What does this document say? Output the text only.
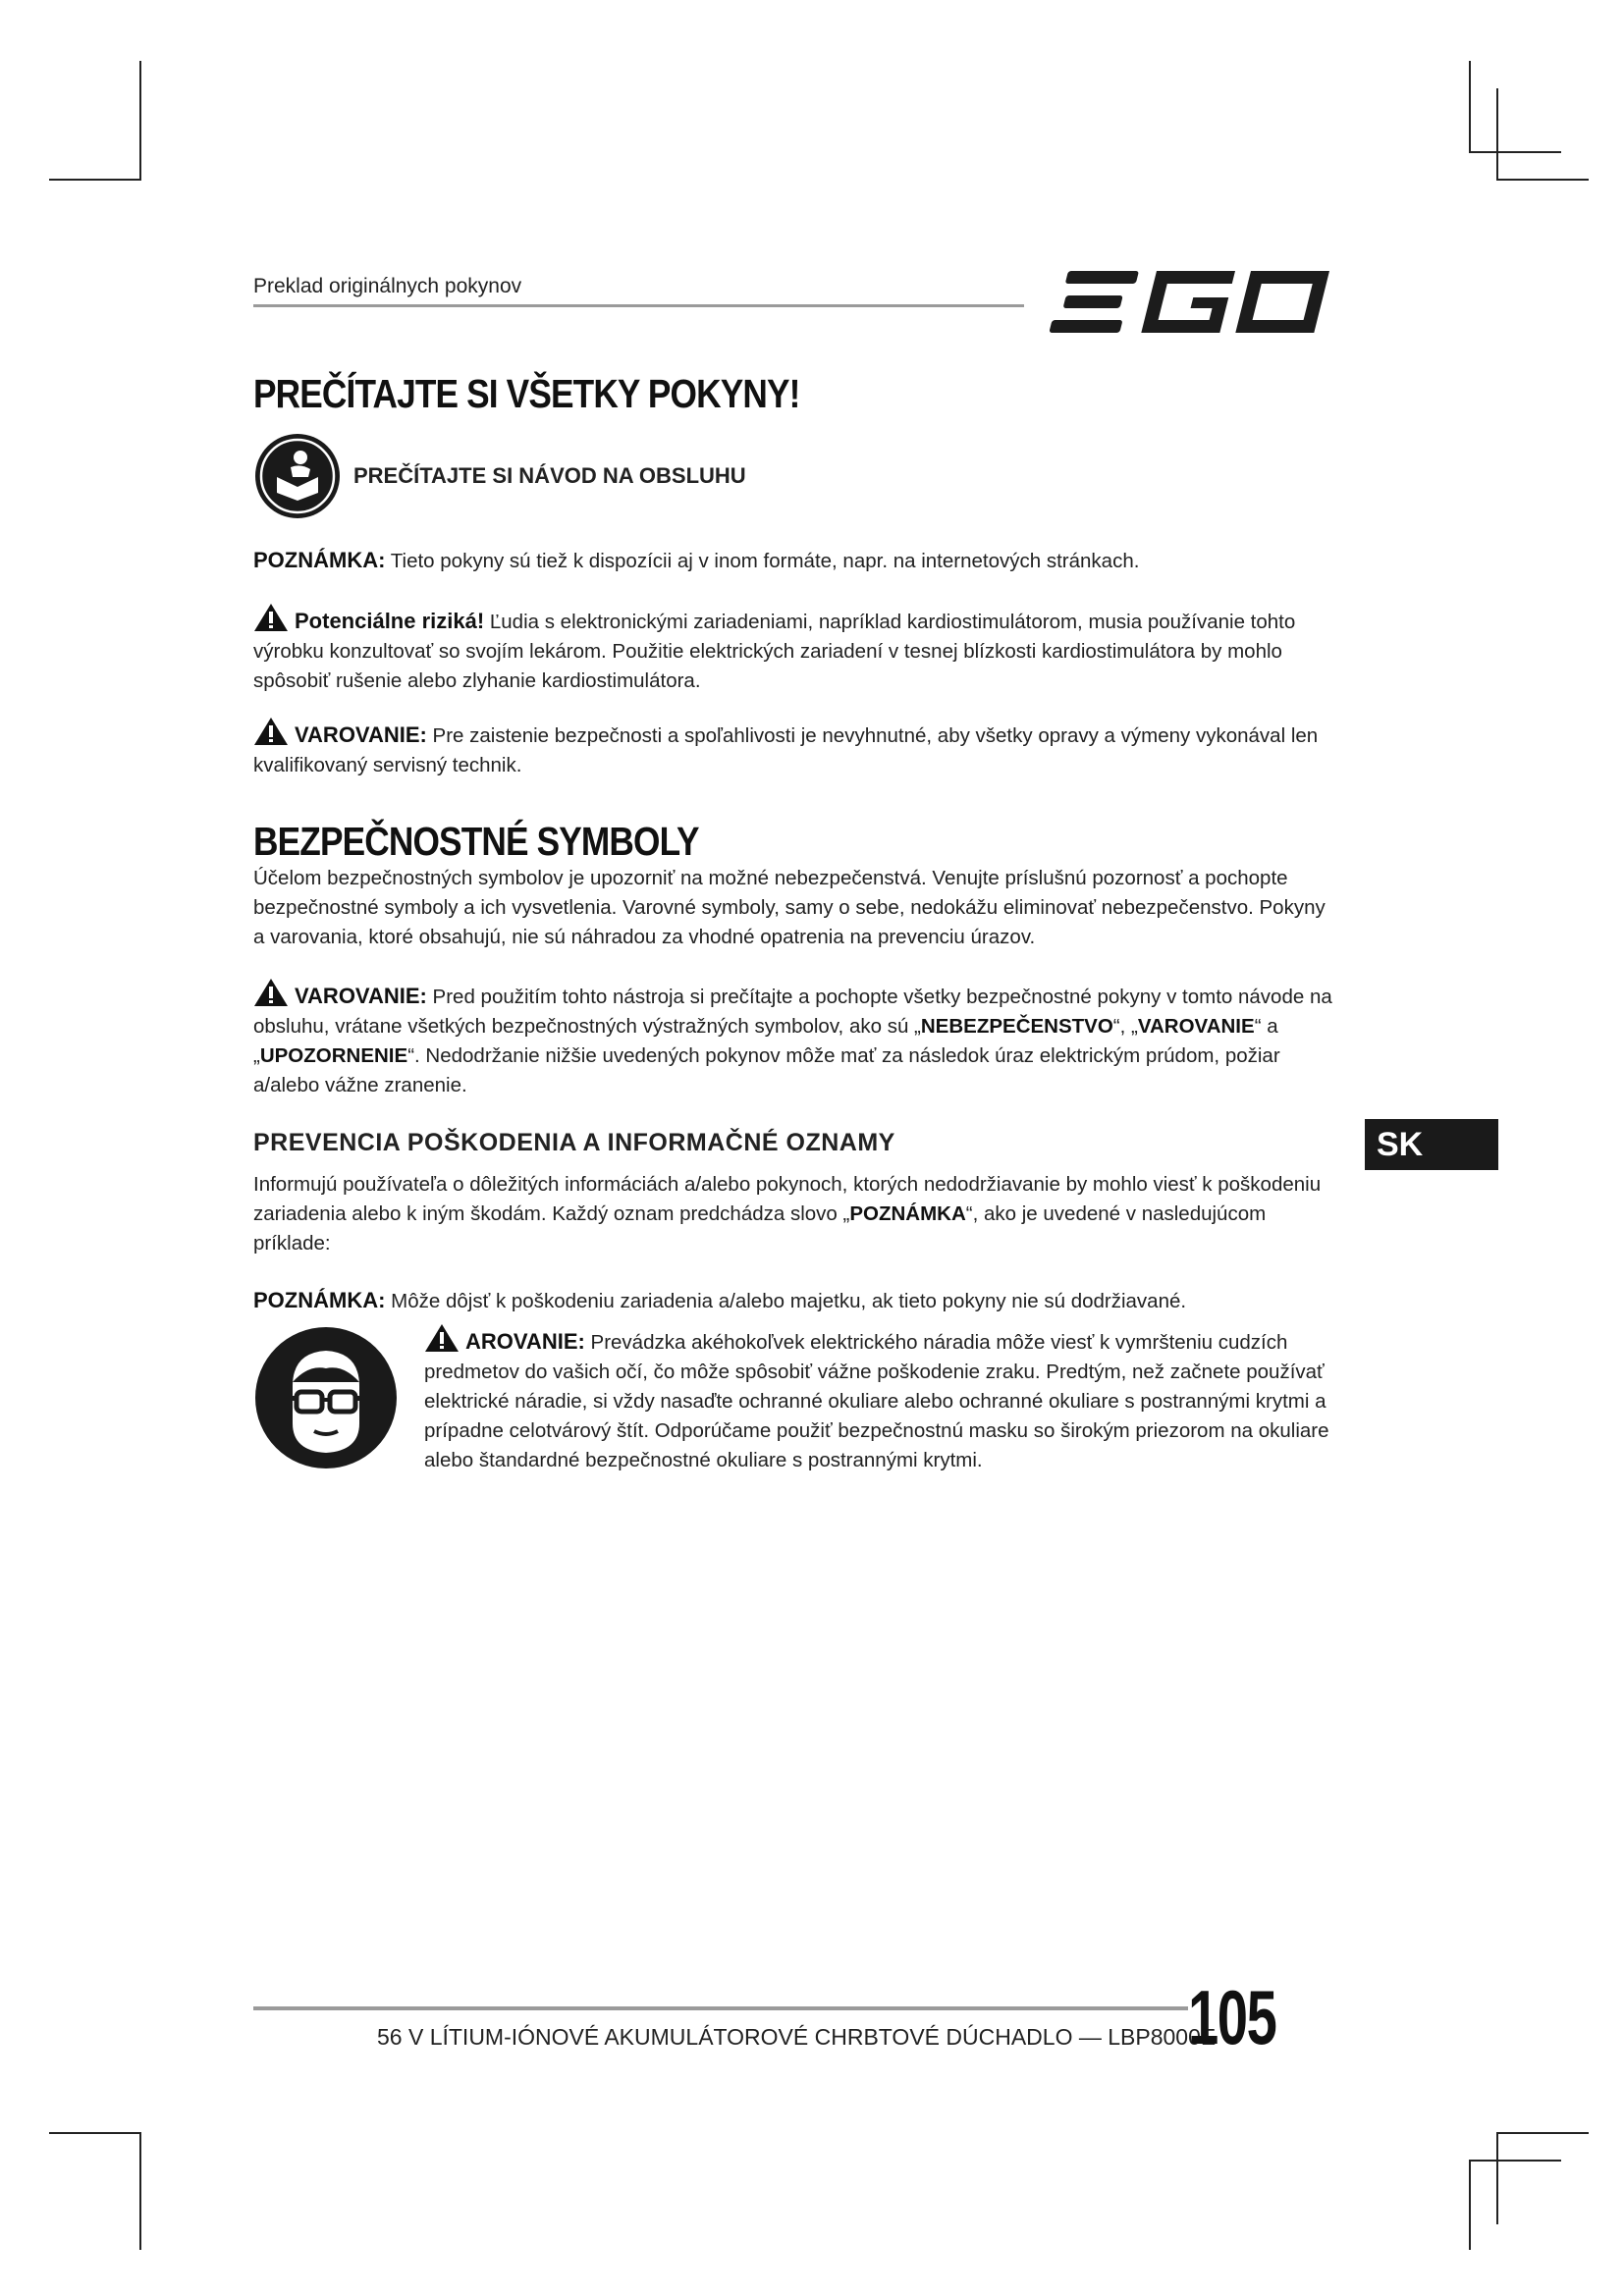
Preklad originálnych pokynov
PREČÍTAJTE SI VŠETKY POKYNY!
PREČÍTAJTE SI NÁVOD NA OBSLUHU
POZNÁMKA: Tieto pokyny sú tiež k dispozícii aj v inom formáte, napr. na internetových stránkach.
Potenciálne riziká! Ľudia s elektronickými zariadeniami, napríklad kardiostimulátorom, musia používanie tohto výrobku konzultovať so svojím lekárom. Použitie elektrických zariadení v tesnej blízkosti kardiostimulátora by mohlo spôsobiť rušenie alebo zlyhanie kardiostimulátora.
VAROVANIE: Pre zaistenie bezpečnosti a spoľahlivosti je nevyhnutné, aby všetky opravy a výmeny vykonával len kvalifikovaný servisný technik.
BEZPEČNOSTNÉ SYMBOLY
Účelom bezpečnostných symbolov je upozorniť na možné nebezpečenstvá. Venujte príslušnú pozornosť a pochopte bezpečnostné symboly a ich vysvetlenia. Varovné symboly, samy o sebe, nedokážu eliminovať nebezpečenstvo. Pokyny a varovania, ktoré obsahujú, nie sú náhradou za vhodné opatrenia na prevenciu úrazov.
VAROVANIE: Pred použitím tohto nástroja si prečítajte a pochopte všetky bezpečnostné pokyny v tomto návode na obsluhu, vrátane všetkých bezpečnostných výstražných symbolov, ako sú „NEBEZPEČENSTVO“, „VAROVANIE“ a „UPOZORNENIE“. Nedodržanie nižšie uvedených pokynov môže mať za následok úraz elektrickým prúdom, požiar a/alebo vážne zranenie.
PREVENCIA POŠKODENIA A INFORMAČNÉ OZNAMY	SK
Informujú používateľa o dôležitých informáciách a/alebo pokynoch, ktorých nedodržiavanie by mohlo viesť k poškodeniu zariadenia alebo k iným škodám. Každý oznam predchádza slovo „POZNÁMKA“, ako je uvedené v nasledujúcom príklade:
POZNÁMKA: Môže dôjsť k poškodeniu zariadenia a/alebo majetku, ak tieto pokyny nie sú dodržiavané.
AROVANIE: Prevádzka akéhokoľvek elektrického náradia môže viesť k vymršteniu cudzích predmetov do vašich očí, čo môže spôsobiť vážne poškodenie zraku. Predtým, než začnete používať elektrické náradie, si vždy nasaďte ochranné okuliare alebo ochranné okuliare s postrannými krytmi a prípadne celotvárový štít. Odporúčame použiť bezpečnostnú masku so širokým priezorom na okuliare alebo štandardné bezpečnostné okuliare s postrannými krytmi.
56 V LÍTIUM-IÓNOVÉ AKUMULÁTOROVÉ CHRBTOVÉ DÚCHADLO — LBP8000E
105
